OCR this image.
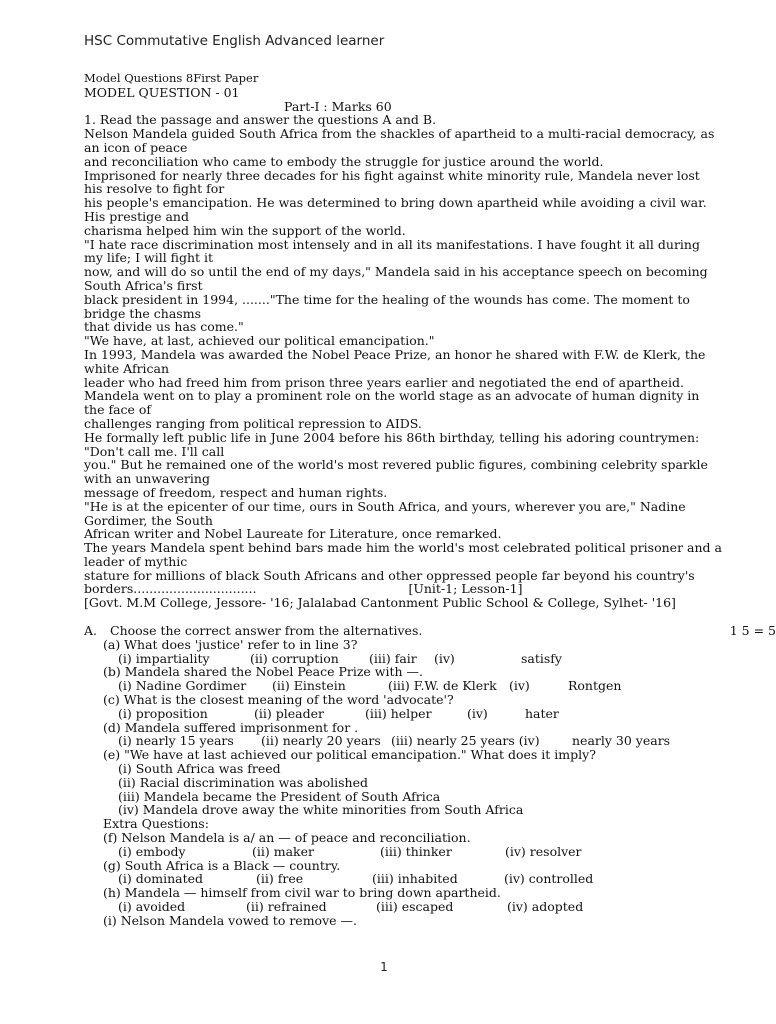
HSC Commutative English Advanced learner
Model Questions 8First Paper
MODEL QUESTION - 01
Part-I : Marks 60
1. Read the passage and answer the questions A and B.
Nelson Mandela guided South Africa from the shackles of apartheid to a multi-racial democracy, as
an icon of peace
and reconciliation who came to embody the struggle for justice around the world.
Imprisoned for nearly three decades for his fight against white minority rule, Mandela never lost
his resolve to fight for
his people's emancipation. He was determined to bring down apartheid while avoiding a civil war.
His prestige and
charisma helped him win the support of the world.
"I hate race discrimination most intensely and in all its manifestations. I have fought it all during
my life; I will fight it
now, and will do so until the end of my days," Mandela said in his acceptance speech on becoming
South Africa's first
black president in 1994, ......."The time for the healing of the wounds has come. The moment to
bridge the chasms
that divide us has come."
"We have, at last, achieved our political emancipation."
In 1993, Mandela was awarded the Nobel Peace Prize, an honor he shared with F.W. de Klerk, the
white African
leader who had freed him from prison three years earlier and negotiated the end of apartheid.
Mandela went on to play a prominent role on the world stage as an advocate of human dignity in
the face of
challenges ranging from political repression to AIDS.
He formally left public life in June 2004 before his 86th birthday, telling his adoring countrymen:
"Don't call me. I'll call
you." But he remained one of the world's most revered public figures, combining celebrity sparkle
with an unwavering
message of freedom, respect and human rights.
"He is at the epicenter of our time, ours in South Africa, and yours, wherever you are," Nadine
Gordimer, the South
African writer and Nobel Laureate for Literature, once remarked.
The years Mandela spent behind bars made him the world's most celebrated political prisoner and a
leader of mythic
stature for millions of black South Africans and other oppressed people far beyond his country's
borders...............................	[Unit-1; Lesson-1]
[Govt. M.M College, Jessore- '16; Jalalabad Cantonment Public School & College, Sylhet- '16]
A.	Choose the correct answer from the alternatives.	1 5 = 5
(a) What does 'justice' refer to in line 3?
(i) impartiality	(ii) corruption (iii) fair (iv)	satisfy
(b) Mandela shared the Nobel Peace Prize with —.
(i) Nadine Gordimer (ii) Einstein	(iii) F.W. de Klerk (iv)	Rontgen
(c) What is the closest meaning of the word 'advocate'?
(i) proposition	(ii) pleader	(iii) helper	(iv)	hater
(d) Mandela suffered imprisonment for .
(i) nearly 15 years (ii) nearly 20 years (iii) nearly 25 years (iv)	nearly 30 years
(e) "We have at last achieved our political emancipation." What does it imply?
(i) South Africa was freed
(ii) Racial discrimination was abolished
(iii) Mandela became the President of South Africa
(iv) Mandela drove away the white minorities from South Africa
Extra Questions:
(f) Nelson Mandela is a/ an — of peace and reconciliation.
(i) embody	(ii) maker	(iii) thinker	(iv) resolver
(g) South Africa is a Black — country.
(i) dominated	(ii) free	(iii) inhabited	(iv) controlled
(h) Mandela — himself from civil war to bring down apartheid.
(i) avoided	(ii) refrained	(iii) escaped	(iv) adopted
(i) Nelson Mandela vowed to remove —.
1
